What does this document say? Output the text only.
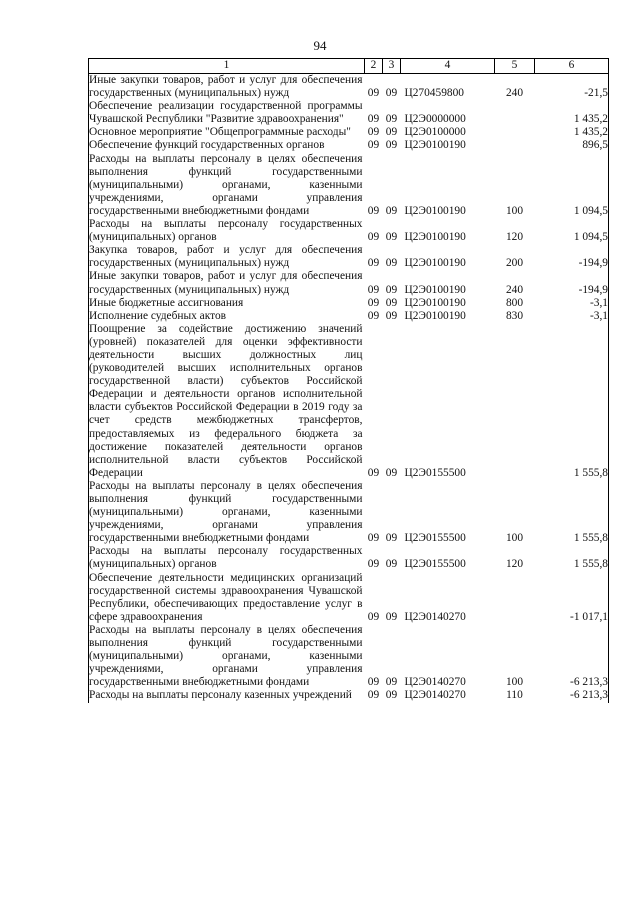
94
1	2	3	4	5	6
Иные закупки товаров, работ и услуг для обеспечения государственных (муниципальных) нужд	09	09	Ц270459800	240	-21,5
Обеспечение реализации государственной программы Чувашской Республики "Развитие здравоохранения"	09	09	Ц2Э0000000		1 435,2
Основное мероприятие "Общепрограммные расходы"	09	09	Ц2Э0100000		1 435,2
Обеспечение функций государственных органов	09	09	Ц2Э0100190		896,5
Расходы на выплаты персоналу в целях обеспечения выполнения функций государственными (муниципальными) органами, казенными учреждениями, органами управления государственными внебюджетными фондами	09	09	Ц2Э0100190	100	1 094,5
Расходы на выплаты персоналу государственных (муниципальных) органов	09	09	Ц2Э0100190	120	1 094,5
Закупка товаров, работ и услуг для обеспечения государственных (муниципальных) нужд	09	09	Ц2Э0100190	200	-194,9
Иные закупки товаров, работ и услуг для обеспечения государственных (муниципальных) нужд	09	09	Ц2Э0100190	240	-194,9
Иные бюджетные ассигнования	09	09	Ц2Э0100190	800	-3,1
Исполнение судебных актов	09	09	Ц2Э0100190	830	-3,1
Поощрение за содействие достижению значений (уровней) показателей для оценки эффективности деятельности высших должностных лиц (руководителей высших исполнительных органов государственной власти) субъектов Российской Федерации и деятельности органов исполнительной власти субъектов Российской Федерации в 2019 году за счет средств межбюджетных трансфертов, предоставляемых из федерального бюджета за достижение показателей деятельности органов исполнительной власти субъектов Российской Федерации	09	09	Ц2Э0155500		1 555,8
Расходы на выплаты персоналу в целях обеспечения выполнения функций государственными (муниципальными) органами, казенными учреждениями, органами управления государственными внебюджетными фондами	09	09	Ц2Э0155500	100	1 555,8
Расходы на выплаты персоналу государственных (муниципальных) органов	09	09	Ц2Э0155500	120	1 555,8
Обеспечение деятельности медицинских организаций государственной системы здравоохранения Чувашской Республики, обеспечивающих предоставление услуг в сфере здравоохранения	09	09	Ц2Э0140270		-1 017,1
Расходы на выплаты персоналу в целях обеспечения выполнения функций государственными (муниципальными) органами, казенными учреждениями, органами управления государственными внебюджетными фондами	09	09	Ц2Э0140270	100	-6 213,3
Расходы на выплаты персоналу казенных учреждений	09	09	Ц2Э0140270	110	-6 213,3
